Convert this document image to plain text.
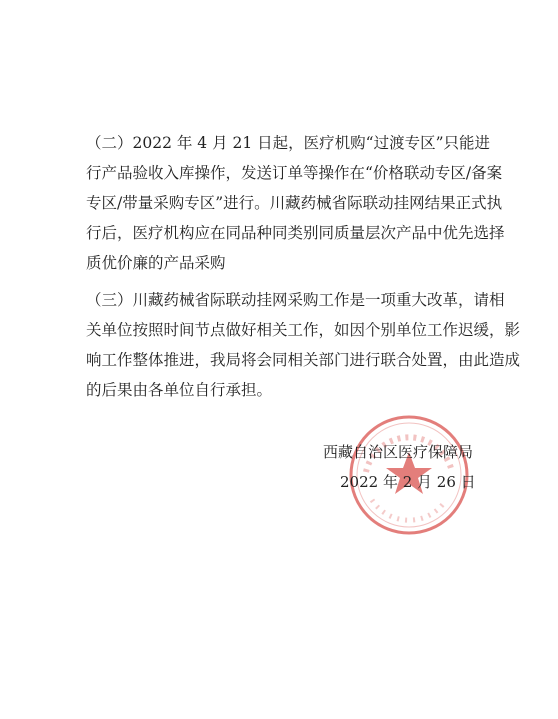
（二）2022 年 4 月 21 日起，医疗机购“过渡专区”只能进
行产品验收入库操作，发送订单等操作在“价格联动专区/备案
专区/带量采购专区”进行。川藏药械省际联动挂网结果正式执
行后，医疗机构应在同品种同类别同质量层次产品中优先选择
质优价廉的产品采购

（三）川藏药械省际联动挂网采购工作是一项重大改革，请相
关单位按照时间节点做好相关工作，如因个别单位工作迟缓，影
响工作整体推进，我局将会同相关部门进行联合处置，由此造成
的后果由各单位自行承担。

西藏自治区医疗保障局
2022 年 2 月 26 日
